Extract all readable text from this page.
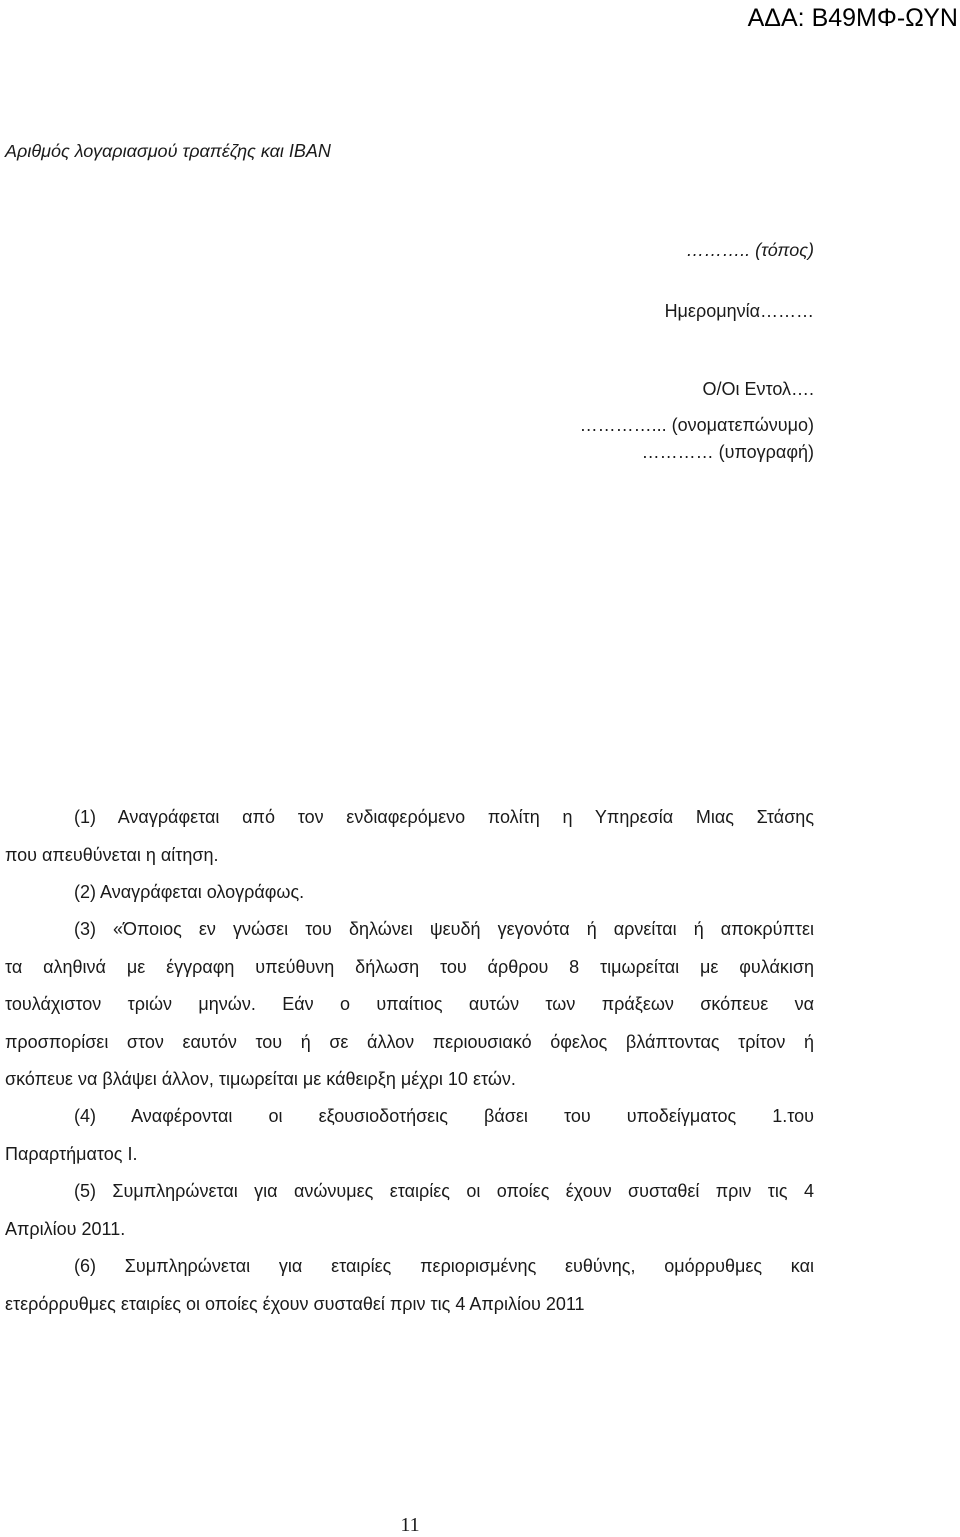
ΑΔΑ: Β49ΜΦ-ΩΥΝ
Αριθμός λογαριασμού τραπέζης και IBAN
……….. (τόπος)
Ημερομηνία………
Ο/Οι Εντολ….
…………... (ονοματεπώνυμο)
………… (υπογραφή)
(1) Αναγράφεται από τον ενδιαφερόμενο πολίτη η Υπηρεσία Μιας Στάσης
που απευθύνεται η αίτηση.
(2) Αναγράφεται ολογράφως.
(3) «Όποιος εν γνώσει του δηλώνει ψευδή γεγονότα ή αρνείται ή αποκρύπτει
τα αληθινά με έγγραφη υπεύθυνη δήλωση του άρθρου 8 τιμωρείται με φυλάκιση
τουλάχιστον τριών μηνών. Εάν ο υπαίτιος αυτών των πράξεων σκόπευε να
προσπορίσει στον εαυτόν του ή σε άλλον περιουσιακό όφελος βλάπτοντας τρίτον ή
σκόπευε να βλάψει άλλον, τιμωρείται με κάθειρξη μέχρι 10 ετών.
(4) Αναφέρονται οι εξουσιοδοτήσεις βάσει του υποδείγματος 1.του
Παραρτήματος Ι.
(5) Συμπληρώνεται για ανώνυμες εταιρίες οι οποίες έχουν συσταθεί πριν τις 4
Απριλίου 2011.
(6) Συμπληρώνεται για εταιρίες περιορισμένης ευθύνης, ομόρρυθμες και
ετερόρρυθμες εταιρίες οι οποίες έχουν συσταθεί πριν τις 4 Απριλίου 2011
11
